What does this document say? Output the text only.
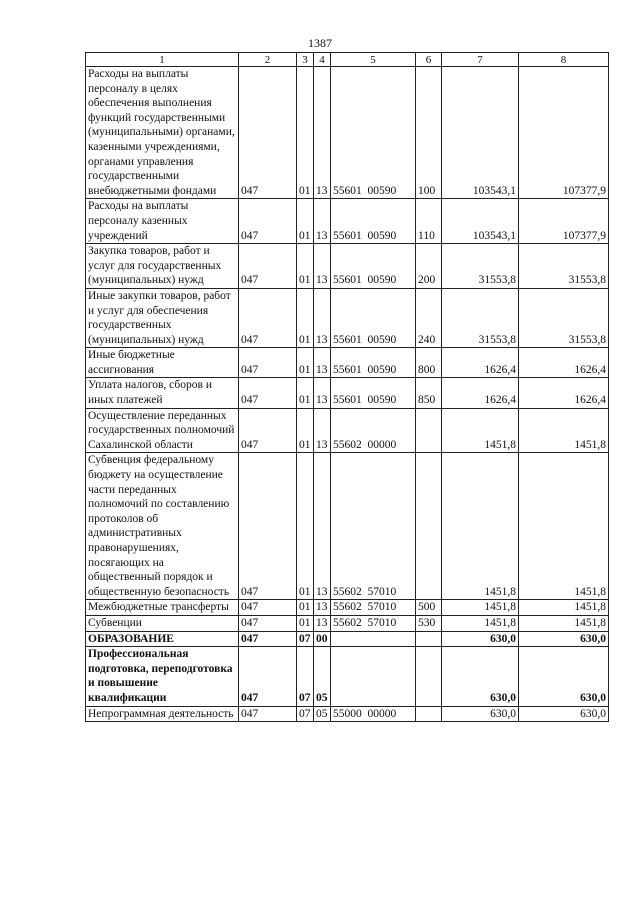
1387
1	2	3	4	5	6	7	8
Расходы на выплаты персоналу в целях обеспечения выполнения функций государственными (муниципальными) органами, казенными учреждениями, органами управления государственными внебюджетными фондами	047	01	13	55601  00590	100	103543,1	107377,9
Расходы на выплаты персоналу казенных учреждений	047	01	13	55601  00590	110	103543,1	107377,9
Закупка товаров, работ и услуг для государственных (муниципальных) нужд	047	01	13	55601  00590	200	31553,8	31553,8
Иные закупки товаров, работ и услуг для обеспечения государственных (муниципальных) нужд	047	01	13	55601  00590	240	31553,8	31553,8
Иные бюджетные ассигнования	047	01	13	55601  00590	800	1626,4	1626,4
Уплата налогов, сборов и иных платежей	047	01	13	55601  00590	850	1626,4	1626,4
Осуществление переданных государственных полномочий Сахалинской области	047	01	13	55602  00000		1451,8	1451,8
Субвенция федеральному бюджету на осуществление части переданных полномочий по составлению протоколов об административных правонарушениях, посягающих на общественный порядок и общественную безопасность	047	01	13	55602  57010		1451,8	1451,8
Межбюджетные трансферты	047	01	13	55602  57010	500	1451,8	1451,8
Субвенции	047	01	13	55602  57010	530	1451,8	1451,8
ОБРАЗОВАНИЕ	047	07	00			630,0	630,0
Профессиональная подготовка, переподготовка и повышение квалификации	047	07	05			630,0	630,0
Непрограммная деятельность	047	07	05	55000  00000		630,0	630,0
